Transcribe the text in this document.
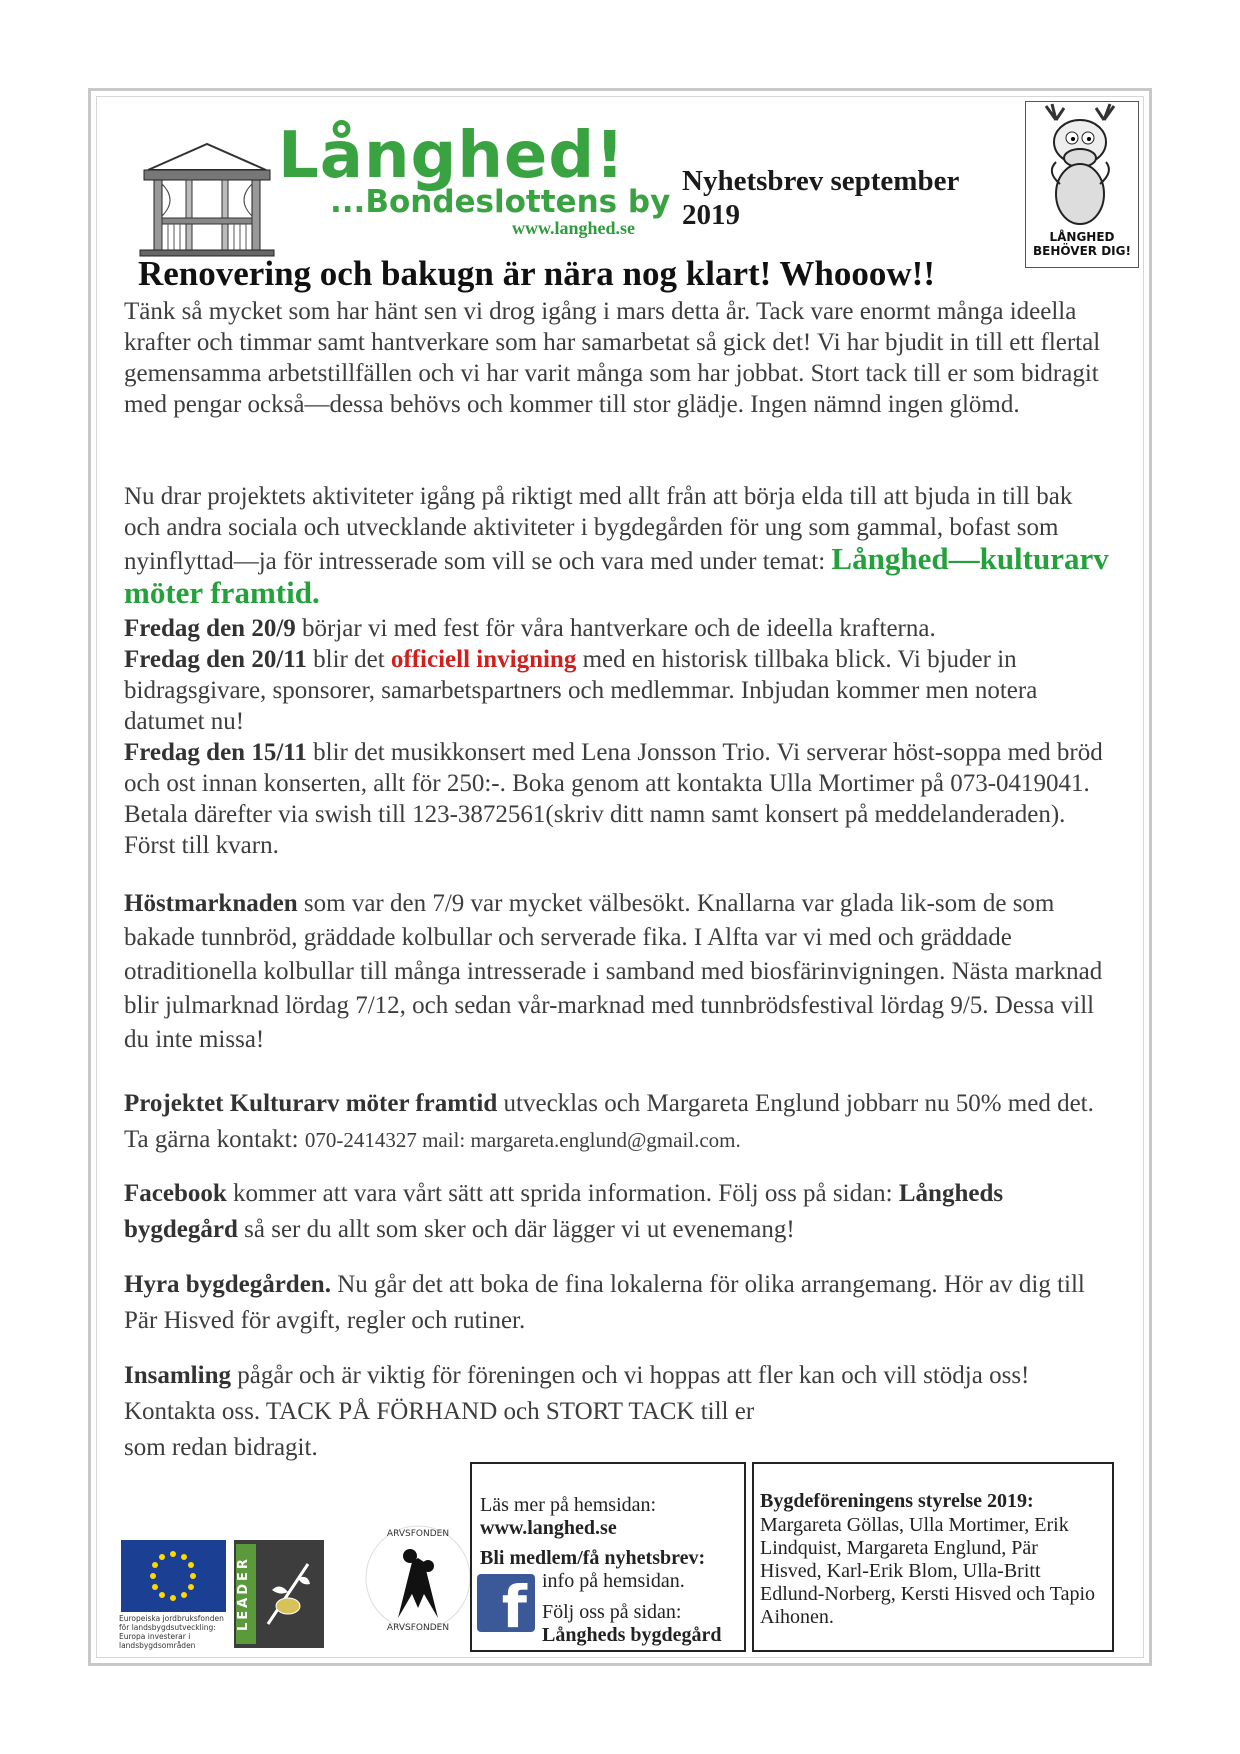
Långhed!
...Bondeslottens by
www.langhed.se
Nyhetsbrev september 2019
LÅNGHED BEHÖVER DIG!
Renovering och bakugn är nära nog klart! Whooow!!
Tänk så mycket som har hänt sen vi drog igång i mars detta år. Tack vare enormt många ideella krafter och timmar samt hantverkare som har samarbetat så gick det! Vi har bjudit in till ett flertal gemensamma arbetstillfällen och vi har varit många som har jobbat. Stort tack till er som bidragit med pengar också—dessa behövs och kommer till stor glädje. Ingen nämnd ingen glömd.
Nu drar projektets aktiviteter igång på riktigt med allt från att börja elda till att bjuda in till bak och andra sociala och utvecklande aktiviteter i bygdegården för ung som gammal, bofast som nyinflyttad—ja för intresserade som vill se och vara med under temat: Långhed—kulturarv möter framtid.
Fredag den 20/9 börjar vi med fest för våra hantverkare och de ideella krafterna.
Fredag den 20/11 blir det officiell invigning med en historisk tillbaka blick. Vi bjuder in bidragsgivare, sponsorer, samarbetspartners och medlemmar. Inbjudan kommer men notera datumet nu!
Fredag den 15/11 blir det musikkonsert med Lena Jonsson Trio. Vi serverar höst-soppa med bröd och ost innan konserten, allt för 250:-. Boka genom att kontakta Ulla Mortimer på 073-0419041. Betala därefter via swish till 123-3872561(skriv ditt namn samt konsert på meddelanderaden). Först till kvarn.
Höstmarknaden som var den 7/9 var mycket välbesökt. Knallarna var glada lik-som de som bakade tunnbröd, gräddade kolbullar och serverade fika. I Alfta var vi med och gräddade otraditionella kolbullar till många intresserade i samband med biosfärinvigningen. Nästa marknad blir julmarknad lördag 7/12, och sedan vår-marknad med tunnbrödsfestival lördag 9/5. Dessa vill du inte missa!
Projektet Kulturarv möter framtid utvecklas och Margareta Englund jobbarr nu 50% med det. Ta gärna kontakt: 070-2414327 mail: margareta.englund@gmail.com.
Facebook kommer att vara vårt sätt att sprida information. Följ oss på sidan: Långheds bygdegård så ser du allt som sker och där lägger vi ut evenemang!
Hyra bygdegården. Nu går det att boka de fina lokalerna för olika arrangemang. Hör av dig till Pär Hisved för avgift, regler och rutiner.
Insamling pågår och är viktig för föreningen och vi hoppas att fler kan och vill stödja oss! Kontakta oss. TACK PÅ FÖRHAND och STORT TACK till er
som redan bidragit.
Europeiska jordbruksfonden för landsbygdsutveckling: Europa investerar i landsbygdsområden
LEADER
ARVSFONDEN
ARVSFONDEN
Läs mer på hemsidan:
www.langhed.se
Bli medlem/få nyhetsbrev:
info på hemsidan.
Följ oss på sidan:
Långheds bygdegård
f
Bygdeföreningens styrelse 2019:
Margareta Göllas, Ulla Mortimer, Erik Lindquist, Margareta Englund, Pär Hisved, Karl-Erik Blom, Ulla-Britt Edlund-Norberg, Kersti Hisved och Tapio Aihonen.
